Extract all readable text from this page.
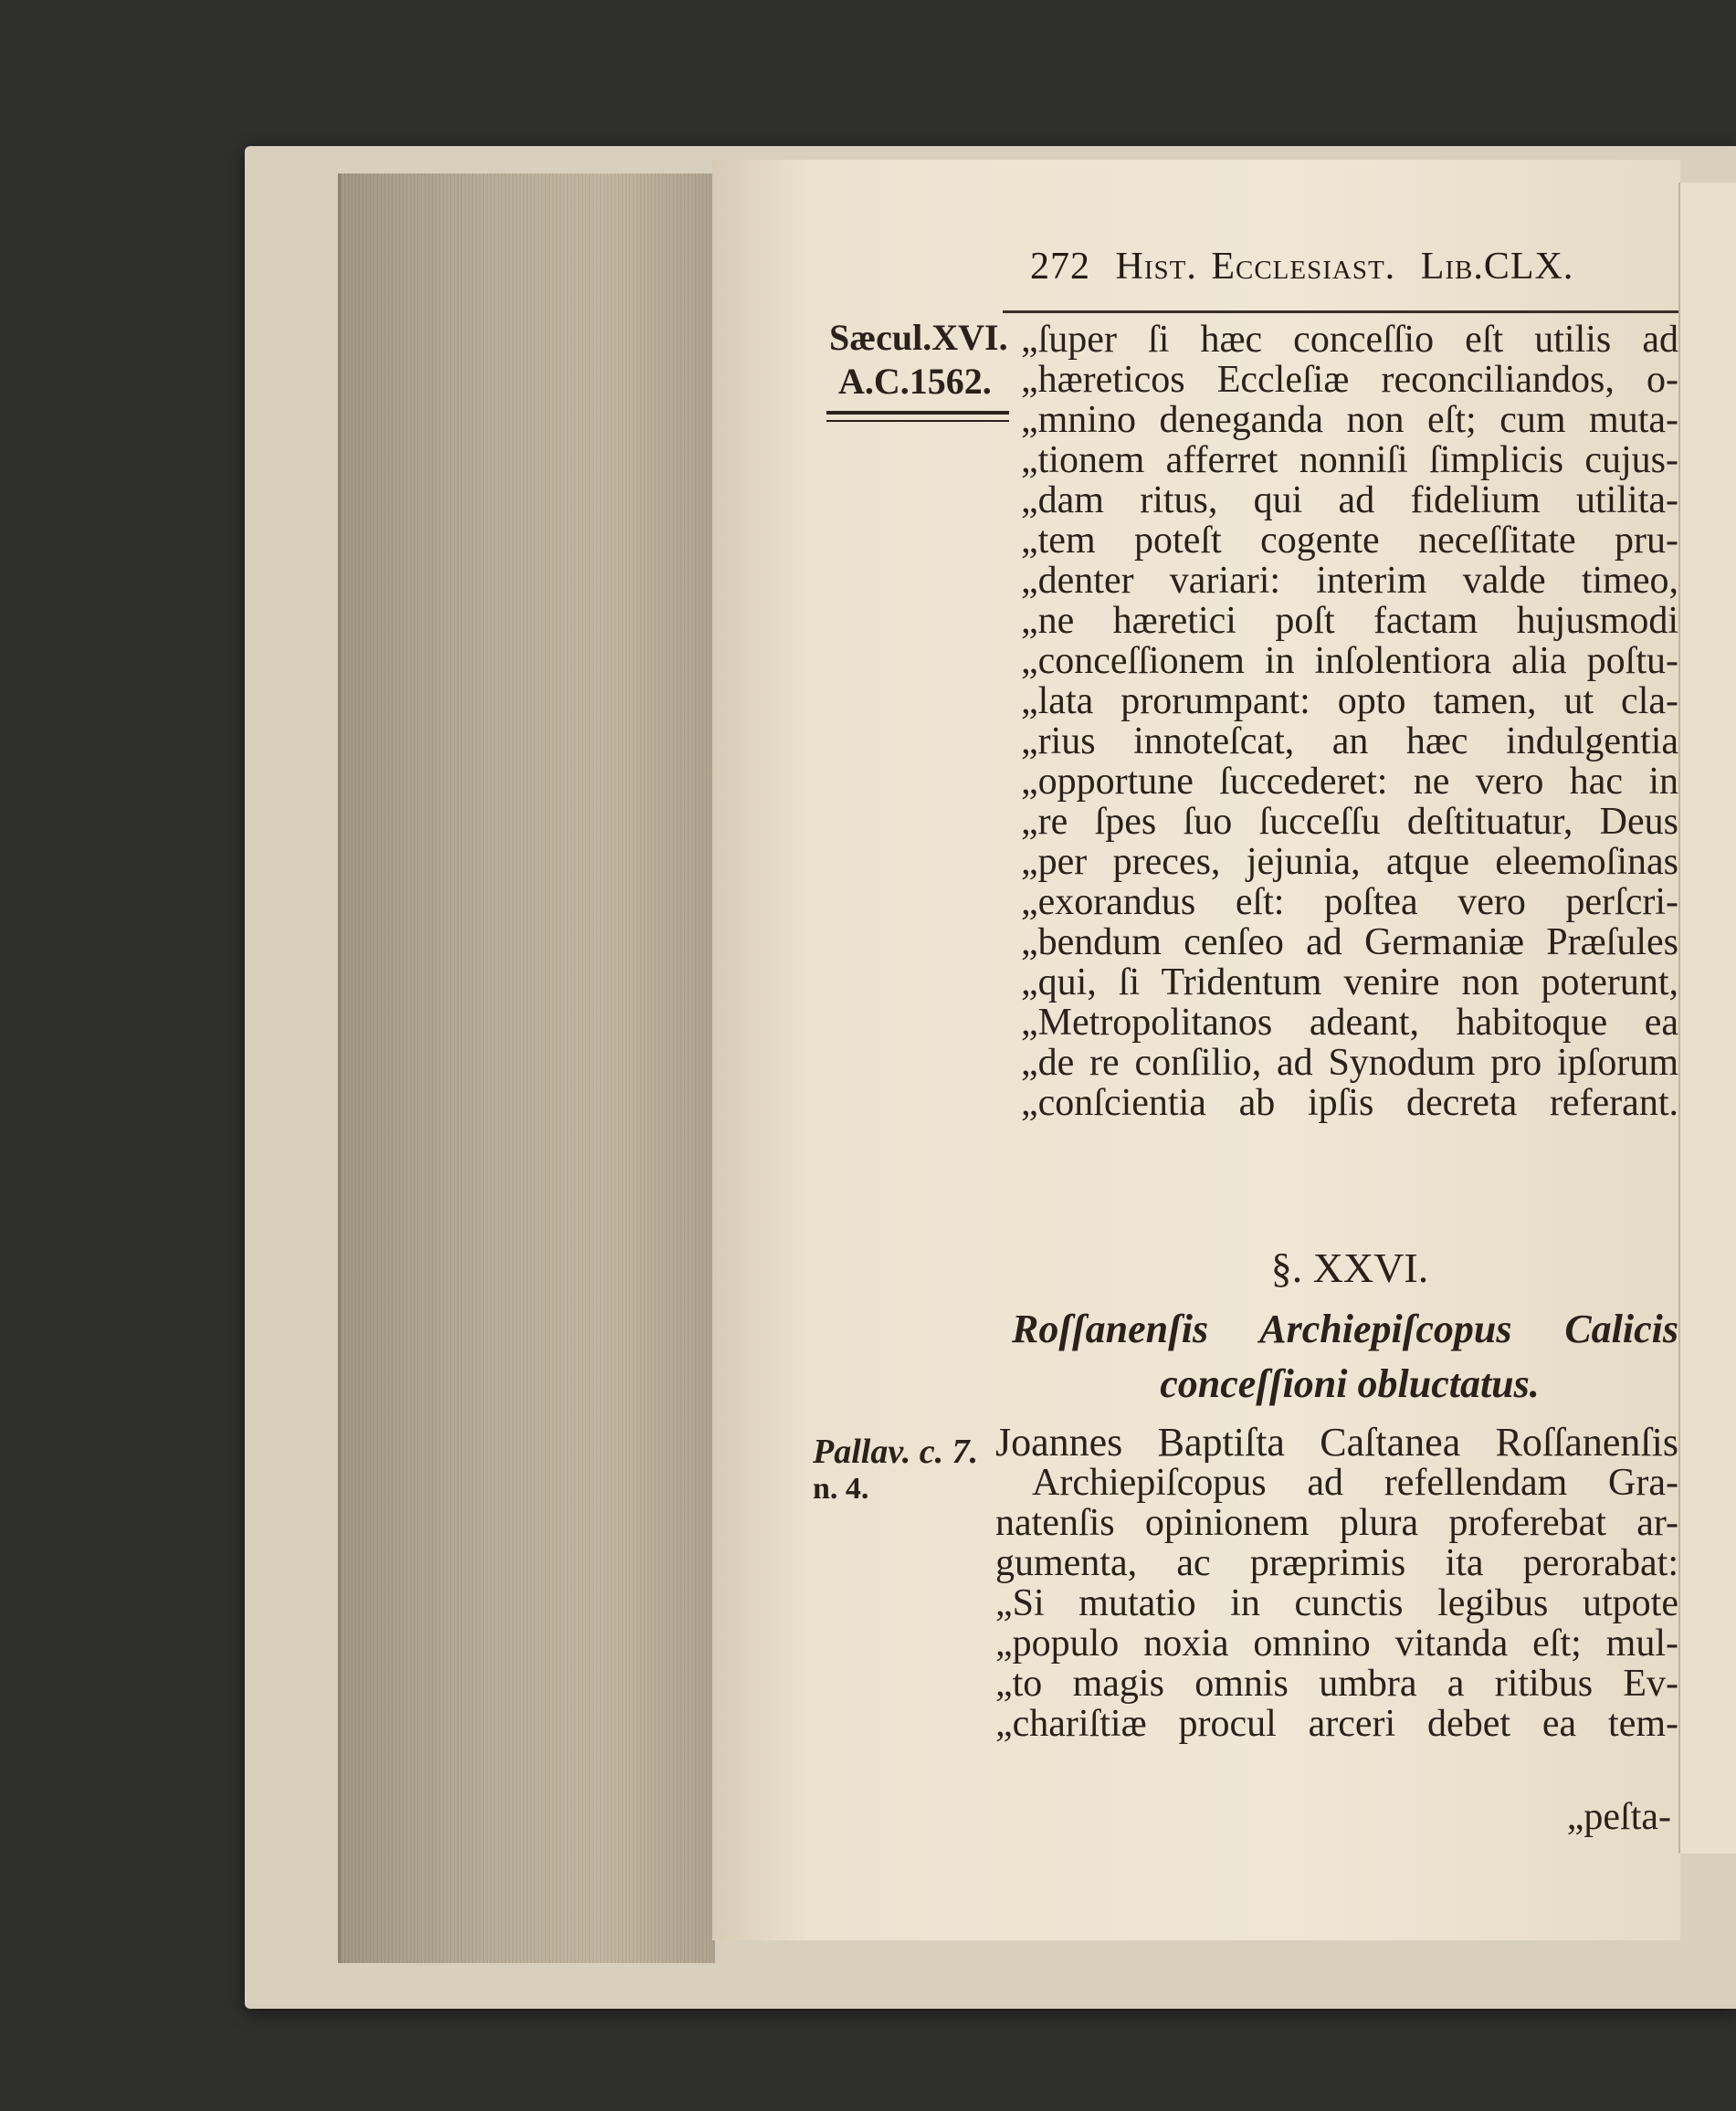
272 Hist. Ecclesiast. Lib.CLX.
Sæcul.XVI.
A.C.1562.
Pallav. c. 7.
n. 4.
„ſuper ſi hæc conceſſio eſt utilis ad
„hæreticos Eccleſiæ reconciliandos, o-
„mnino deneganda non eſt; cum muta-
„tionem afferret nonniſi ſimplicis cujus-
„dam ritus, qui ad fidelium utilita-
„tem poteſt cogente neceſſitate pru-
„denter variari: interim valde timeo,
„ne hæretici poſt factam hujusmodi
„conceſſionem in inſolentiora alia poſtu-
„lata prorumpant: opto tamen, ut cla-
„rius innoteſcat, an hæc indulgentia
„opportune ſuccederet: ne vero hac in
„re ſpes ſuo ſucceſſu deſtituatur, Deus
„per preces, jejunia, atque eleemoſinas
„exorandus eſt: poſtea vero perſcri-
„bendum cenſeo ad Germaniæ Præſules
„qui, ſi Tridentum venire non poterunt,
„Metropolitanos adeant, habitoque ea
„de re conſilio, ad Synodum pro ipſorum
„conſcientia ab ipſis decreta referant.
§. XXVI.
Roſſanenſis Archiepiſcopus Calicis
conceſſioni obluctatus.
Joannes Baptiſta Caſtanea Roſſanenſis
Archiepiſcopus ad refellendam Gra-
natenſis opinionem plura proferebat ar-
gumenta, ac præprimis ita perorabat:
„Si mutatio in cunctis legibus utpote
„populo noxia omnino vitanda eſt; mul-
„to magis omnis umbra a ritibus Ev-
„chariſtiæ procul arceri debet ea tem-
„peſta-
